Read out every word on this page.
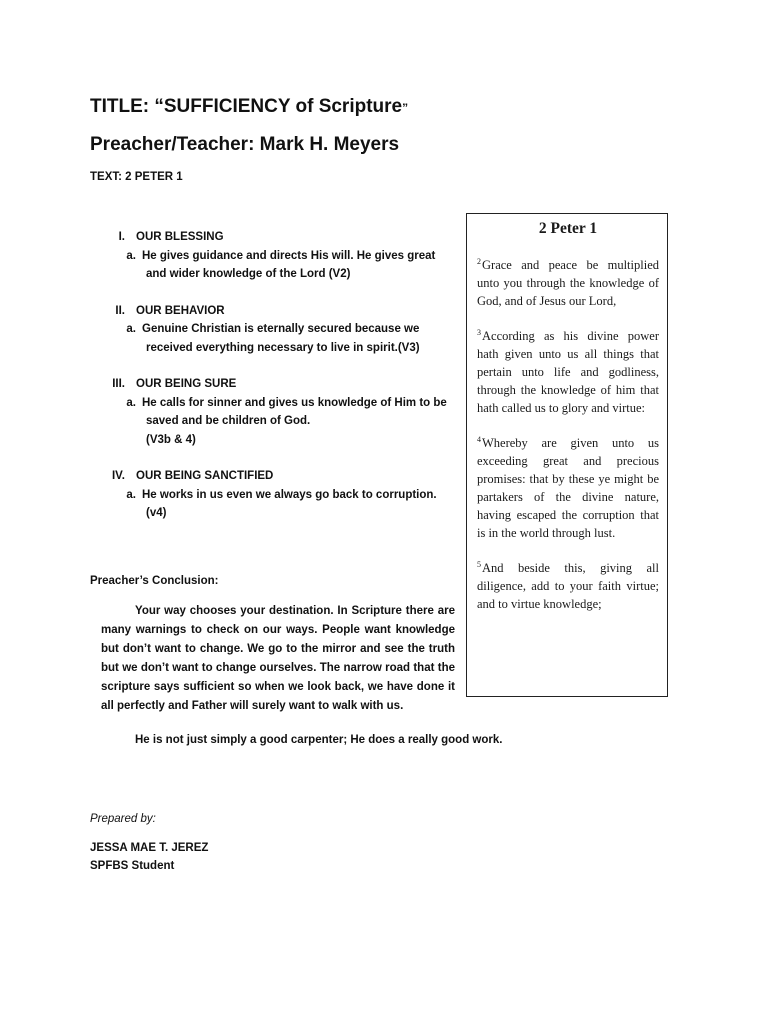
TITLE: “SUFFICIENCY of Scripture”
Preacher/Teacher: Mark H. Meyers
TEXT: 2 PETER 1
I. OUR BLESSING
a. He gives guidance and directs His will. He gives great
and wider knowledge of the Lord (V2)
II. OUR BEHAVIOR
a. Genuine Christian is eternally secured because we
received everything necessary to live in spirit.(V3)
III. OUR BEING SURE
a. He calls for sinner and gives us knowledge of Him to be
saved and be children of God.
(V3b & 4)
IV. OUR BEING SANCTIFIED
a. He works in us even we always go back to corruption.
(v4)
Preacher’s Conclusion:

Your way chooses your destination. In Scripture there are many warnings to check on our ways. People want knowledge but don’t want to change. We go to the mirror and see the truth but we don’t want to change ourselves. The narrow road that the scripture says sufficient so when we look back, we have done it all perfectly and Father will surely want to walk with us.

He is not just simply a good carpenter; He does a really good work.
Prepared by:
JESSA MAE T. JEREZ
SPFBS Student
2 Peter 1

$^2$Grace and peace be multiplied unto you through the knowledge of God, and of Jesus our Lord,

$^3$According as his divine power hath given unto us all things that pertain unto life and godliness, through the knowledge of him that hath called us to glory and virtue:

$^4$Whereby are given unto us exceeding great and precious promises: that by these ye might be partakers of the divine nature, having escaped the corruption that is in the world through lust.

$^5$And beside this, giving all diligence, add to your faith virtue; and to virtue knowledge;
